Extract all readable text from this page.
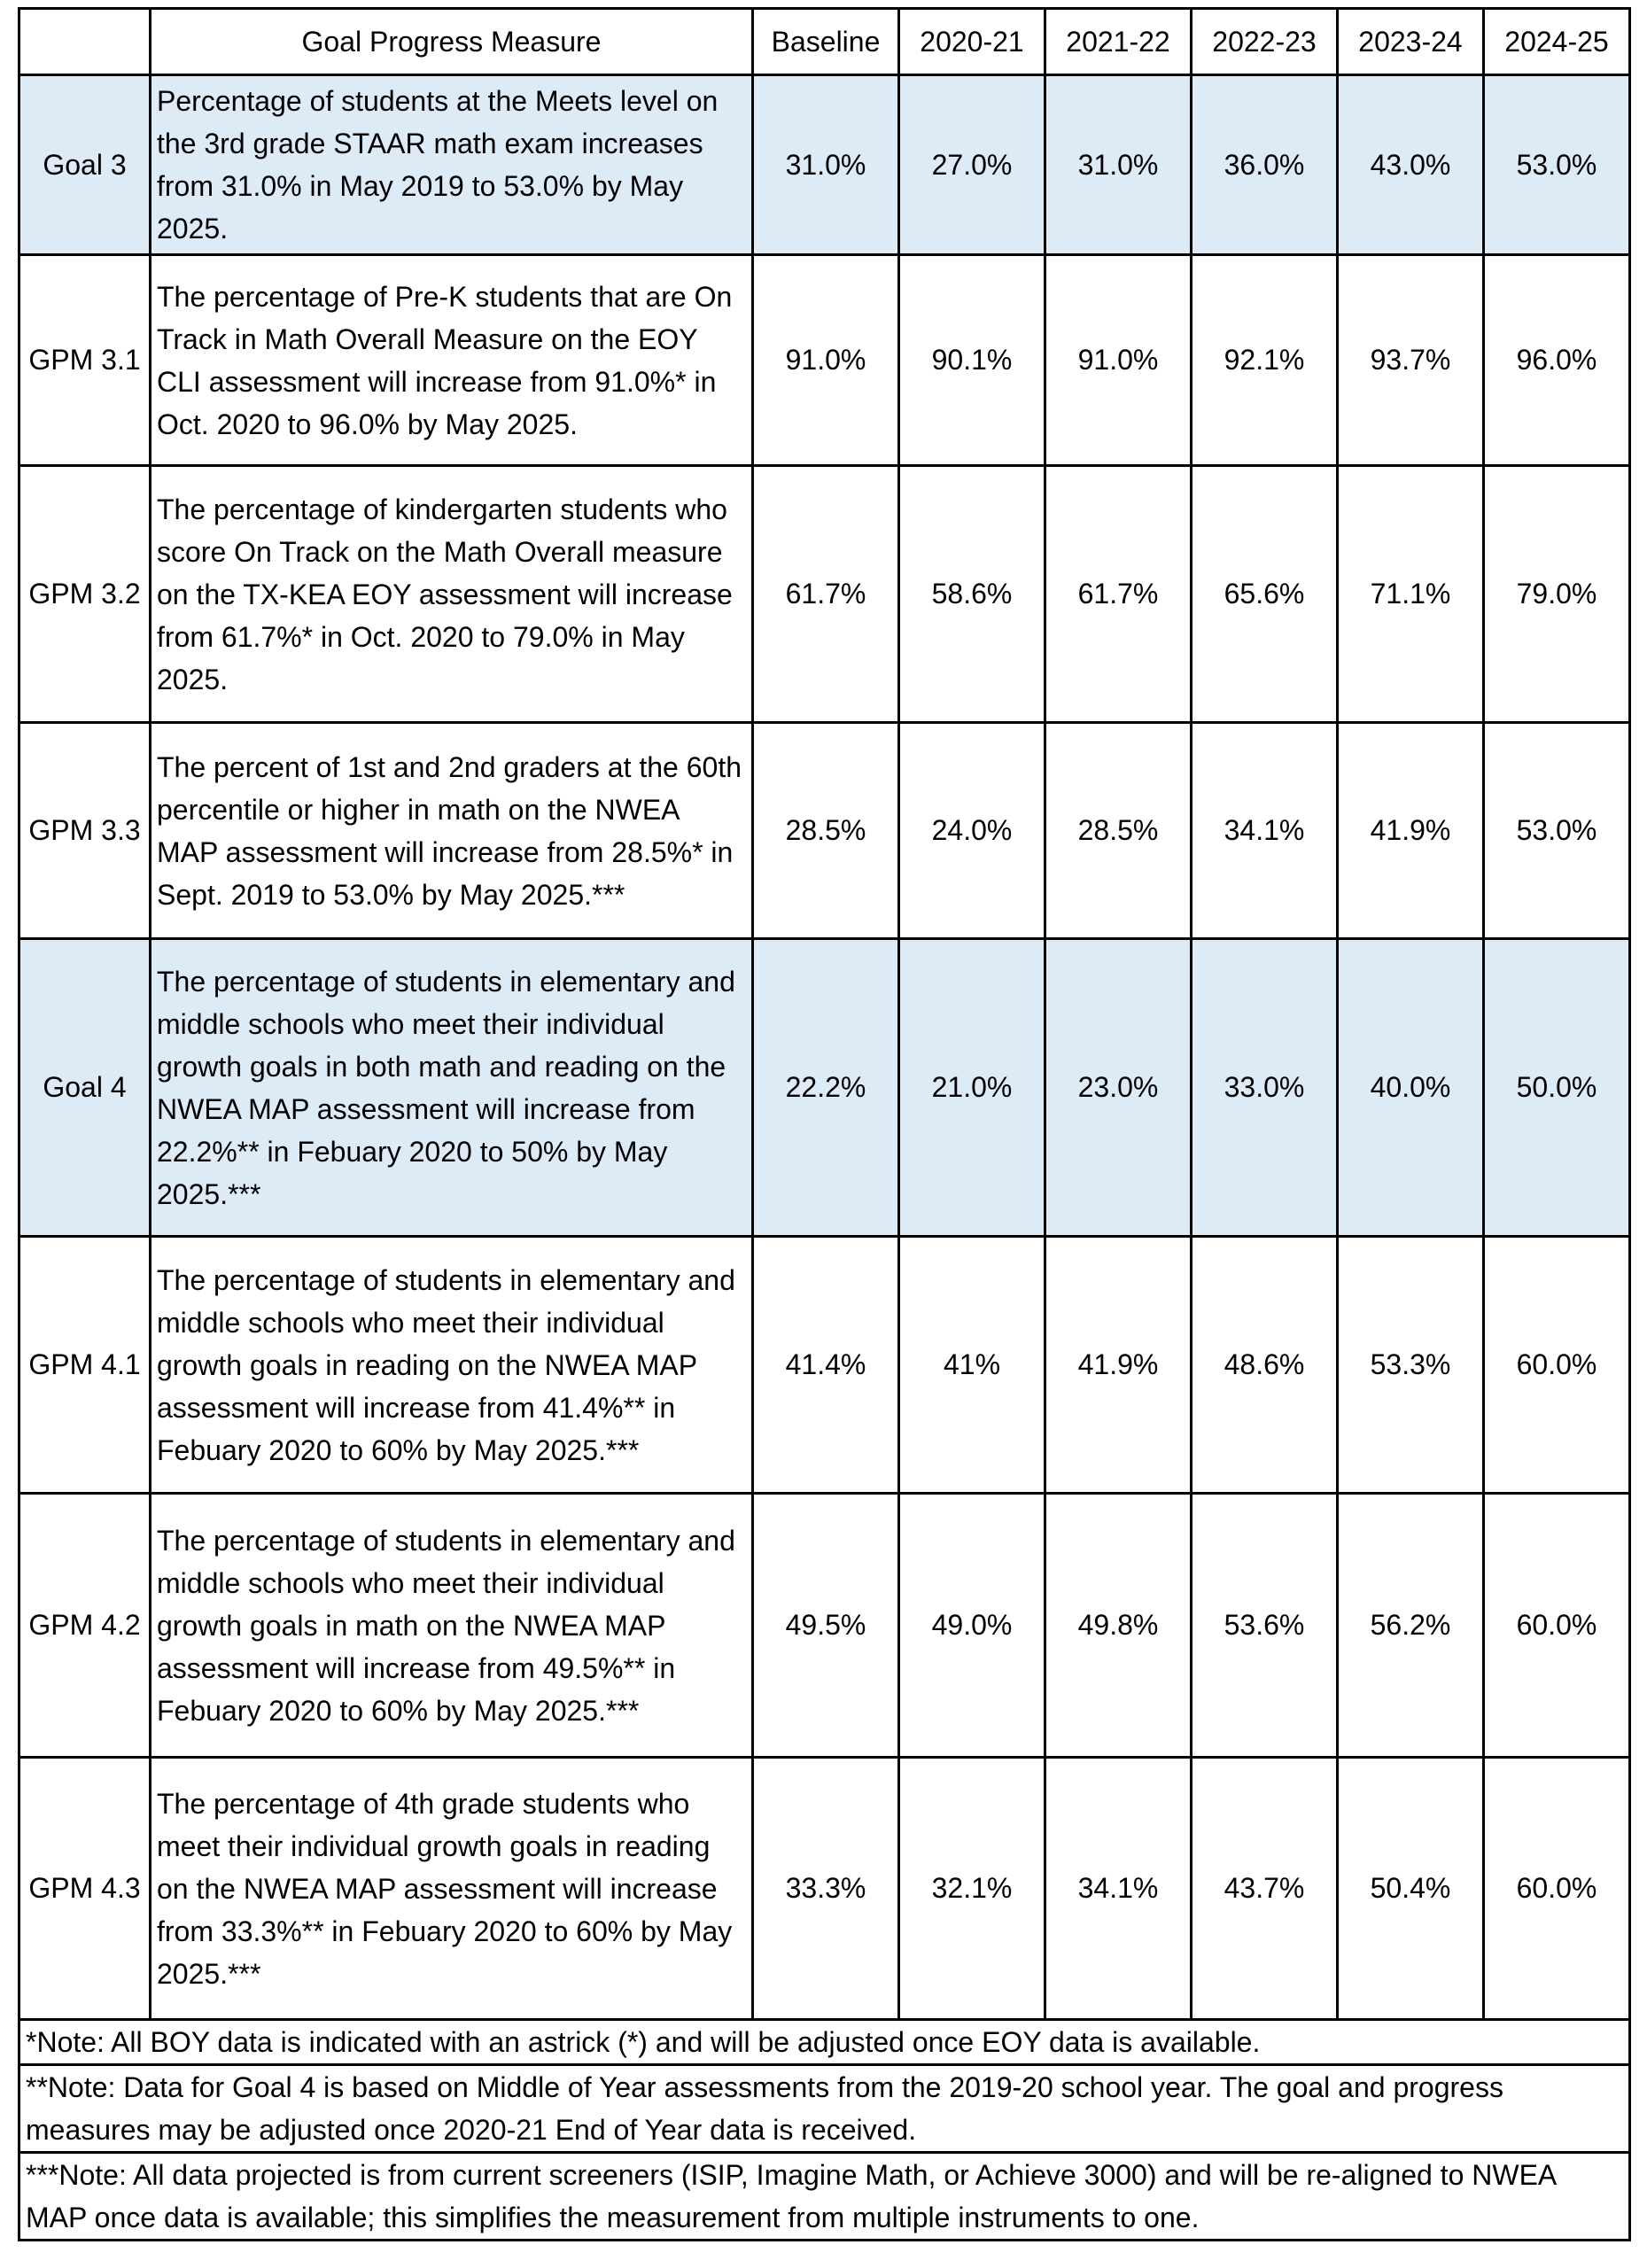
	Goal Progress Measure	Baseline	2020-21	2021-22	2022-23	2023-24	2024-25
Goal 3	Percentage of students at the Meets level on the 3rd grade STAAR math exam increases from 31.0% in May 2019 to 53.0% by May 2025.	31.0%	27.0%	31.0%	36.0%	43.0%	53.0%
GPM 3.1	The percentage of Pre-K students that are On Track in Math Overall Measure on the EOY CLI assessment will increase from 91.0%* in Oct. 2020 to 96.0% by May 2025.	91.0%	90.1%	91.0%	92.1%	93.7%	96.0%
GPM 3.2	The percentage of kindergarten students who score On Track on the Math Overall measure on the TX-KEA EOY assessment will increase from 61.7%* in Oct. 2020 to 79.0% in May 2025.	61.7%	58.6%	61.7%	65.6%	71.1%	79.0%
GPM 3.3	The percent of 1st and 2nd graders at the 60th percentile or higher in math on the NWEA MAP assessment will increase from 28.5%* in Sept. 2019 to 53.0% by May 2025.***	28.5%	24.0%	28.5%	34.1%	41.9%	53.0%
Goal 4	The percentage of students in elementary and middle schools who meet their individual growth goals in both math and reading on the NWEA MAP assessment will increase from 22.2%** in Febuary 2020 to 50% by May 2025.***	22.2%	21.0%	23.0%	33.0%	40.0%	50.0%
GPM 4.1	The percentage of students in elementary and middle schools who meet their individual growth goals in reading on the NWEA MAP assessment will increase from 41.4%** in Febuary 2020 to 60% by May 2025.***	41.4%	41%	41.9%	48.6%	53.3%	60.0%
GPM 4.2	The percentage of students in elementary and middle schools who meet their individual growth goals in math on the NWEA MAP assessment will increase from 49.5%** in Febuary 2020 to 60% by May 2025.***	49.5%	49.0%	49.8%	53.6%	56.2%	60.0%
GPM 4.3	The percentage of 4th grade students who meet their individual growth goals in reading on the NWEA MAP assessment will increase from 33.3%** in Febuary 2020 to 60% by May 2025.***	33.3%	32.1%	34.1%	43.7%	50.4%	60.0%
*Note: All BOY data is indicated with an astrick (*) and will be adjusted once EOY data is available.							
**Note: Data for Goal 4 is based on Middle of Year assessments from the 2019-20 school year. The goal and progress measures may be adjusted once 2020-21 End of Year data is received.							
***Note: All data projected is from current screeners (ISIP, Imagine Math, or Achieve 3000) and will be re-aligned to NWEA MAP once data is available; this simplifies the measurement from multiple instruments to one.							
